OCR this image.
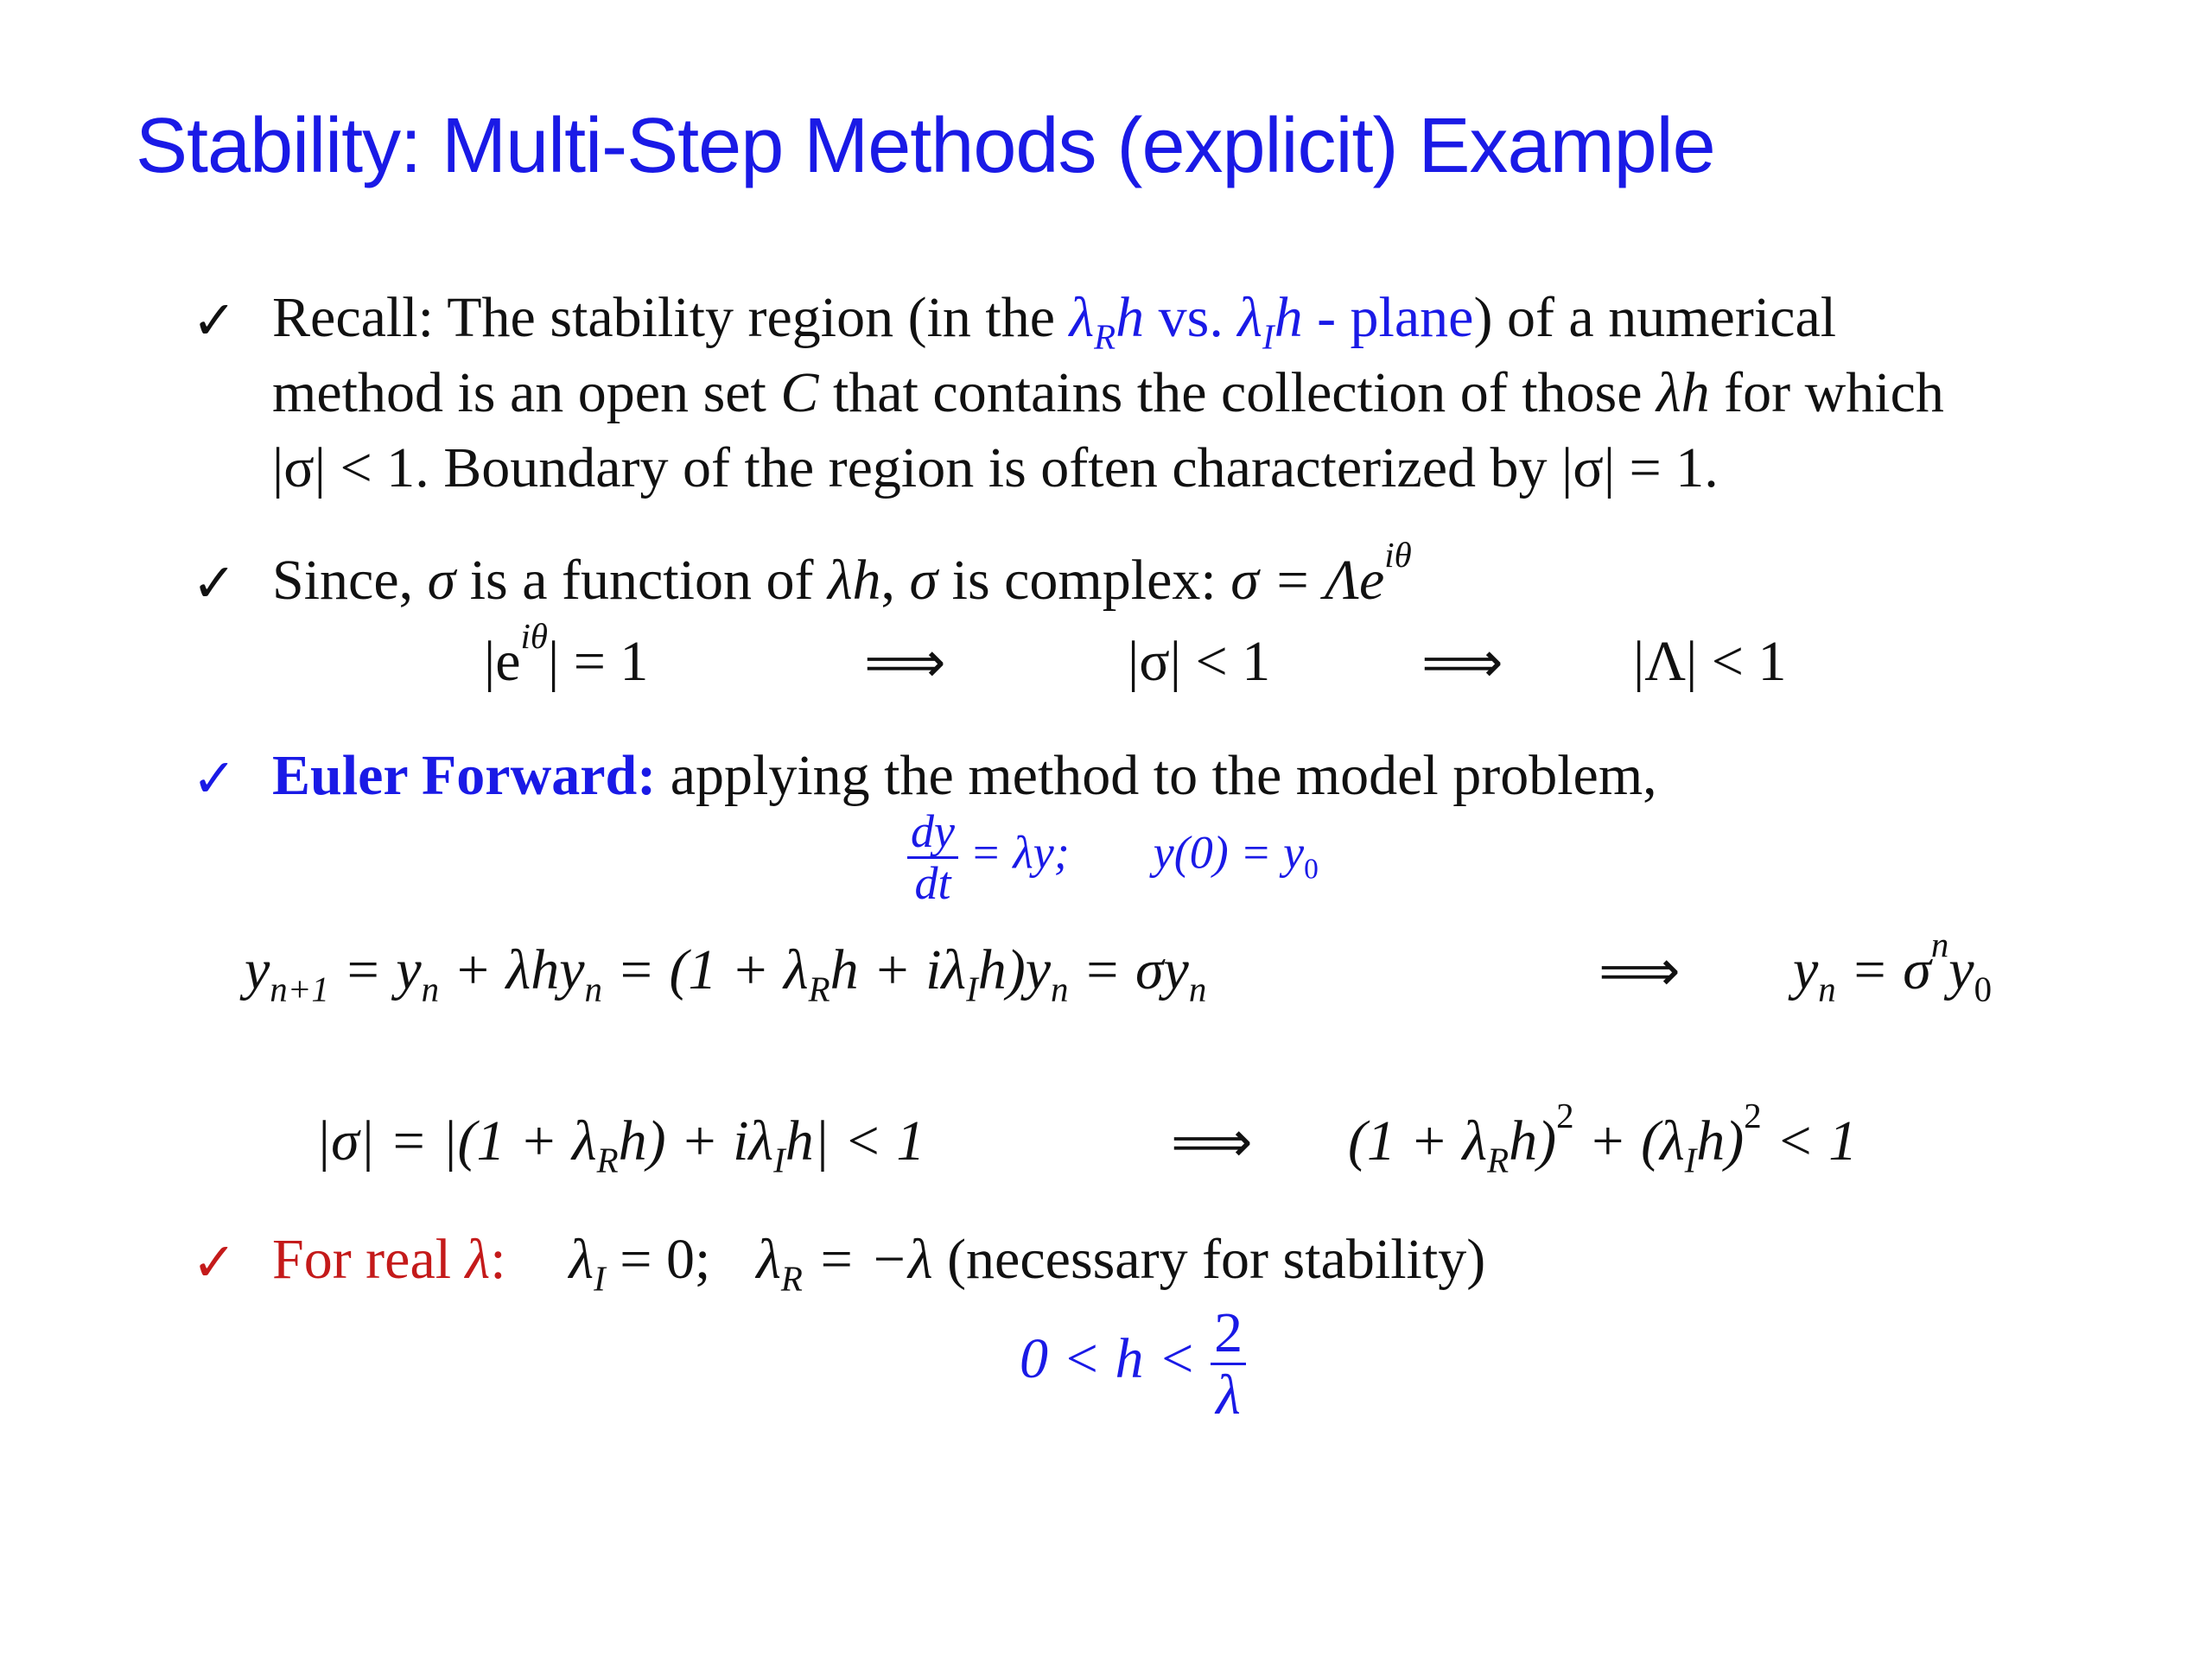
Stability: Multi-Step Methods (explicit) Example
✓ Recall: The stability region (in the $\lambda_Rh$ vs. $\lambda_Ih$ - plane) of a numerical
method is an open set C that contains the collection of those λh for which
|σ| < 1. Boundary of the region is often characterized by |σ| = 1.
✓ Since, σ is a function of λh, σ is complex: $\sigma = \Lambda e^{i\theta}$
$|e^{i\theta}| = 1$	⟹	|σ| < 1	⟹ |Λ| < 1
✓ Euler Forward: applying the method to the model problem,
$\frac{dy}{dt} = \lambda y$; $y(0) = y_0$
$y_{n+1} = y_n + \lambda hy_n = (1 + \lambda_Rh + i\lambda_Ih)y_n = \sigma y_n$	⟹ $y_n = \sigma^ny_0$
$|\sigma| = |(1 + \lambda_Rh) + i\lambda_Ih| < 1$	⟹ $(1 + \lambda_Rh)^2 + (\lambda_Ih)^2 < 1$
✓ For real λ: $\lambda_I = 0$; $\lambda_R = -\lambda$ (necessary for stability)
$0 < h < \frac{2}{\lambda}$
